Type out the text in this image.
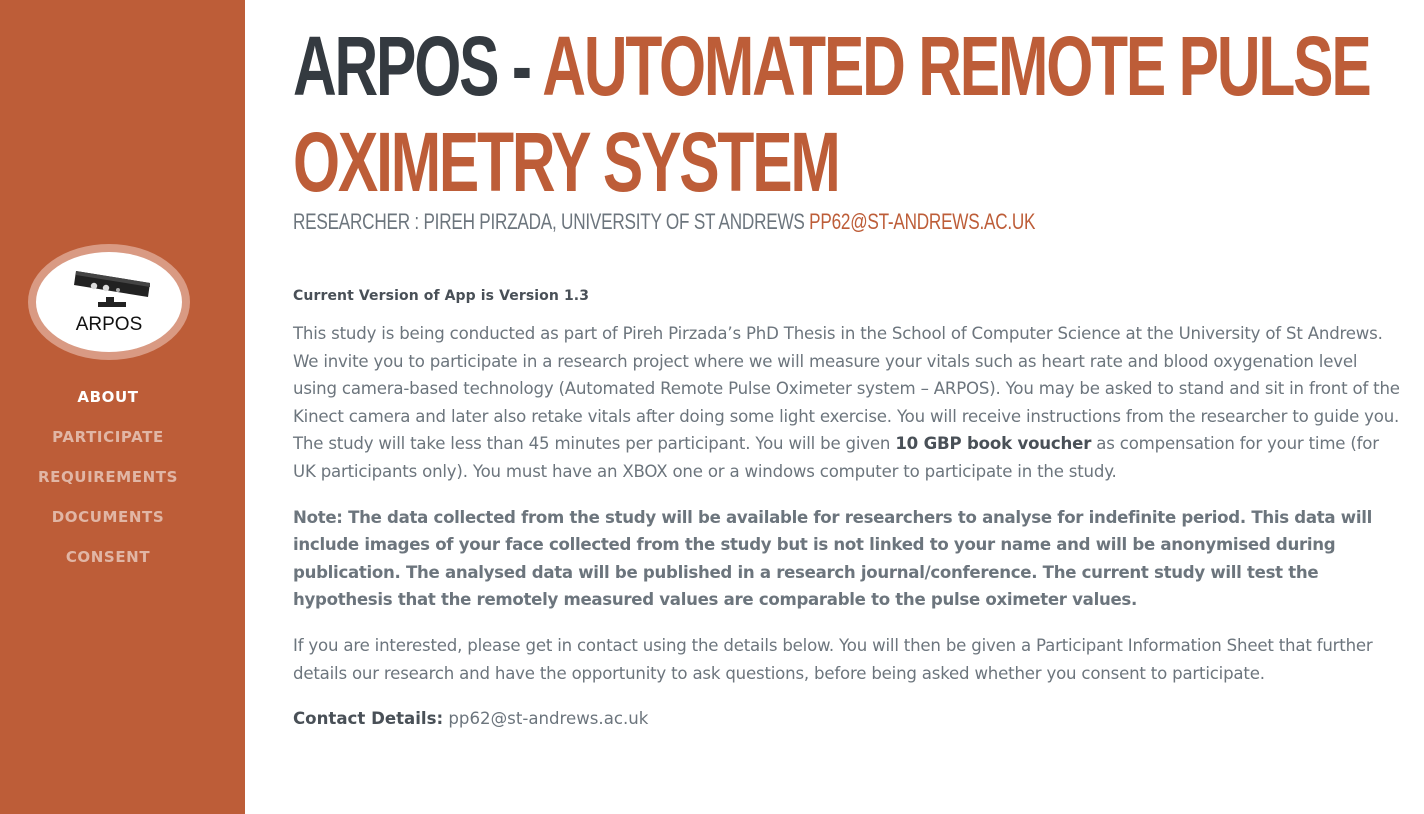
ARPOS
ABOUT
PARTICIPATE
REQUIREMENTS
DOCUMENTS
CONSENT
ARPOS - AUTOMATED REMOTE PULSE OXIMETRY SYSTEM
RESEARCHER : PIREH PIRZADA, UNIVERSITY OF ST ANDREWS PP62@ST-ANDREWS.AC.UK
Current Version of App is Version 1.3

This study is being conducted as part of Pireh Pirzada’s PhD Thesis in the School of Computer Science at the University of St Andrews. We invite you to participate in a research project where we will measure your vitals such as heart rate and blood oxygenation level using camera-based technology (Automated Remote Pulse Oximeter system – ARPOS). You may be asked to stand and sit in front of the Kinect camera and later also retake vitals after doing some light exercise. You will receive instructions from the researcher to guide you. The study will take less than 45 minutes per participant. You will be given 10 GBP book voucher as compensation for your time (for UK participants only). You must have an XBOX one or a windows computer to participate in the study.

Note: The data collected from the study will be available for researchers to analyse for indefinite period. This data will include images of your face collected from the study but is not linked to your name and will be anonymised during publication. The analysed data will be published in a research journal/conference. The current study will test the hypothesis that the remotely measured values are comparable to the pulse oximeter values.

If you are interested, please get in contact using the details below. You will then be given a Participant Information Sheet that further details our research and have the opportunity to ask questions, before being asked whether you consent to participate.

Contact Details: pp62@st-andrews.ac.uk
